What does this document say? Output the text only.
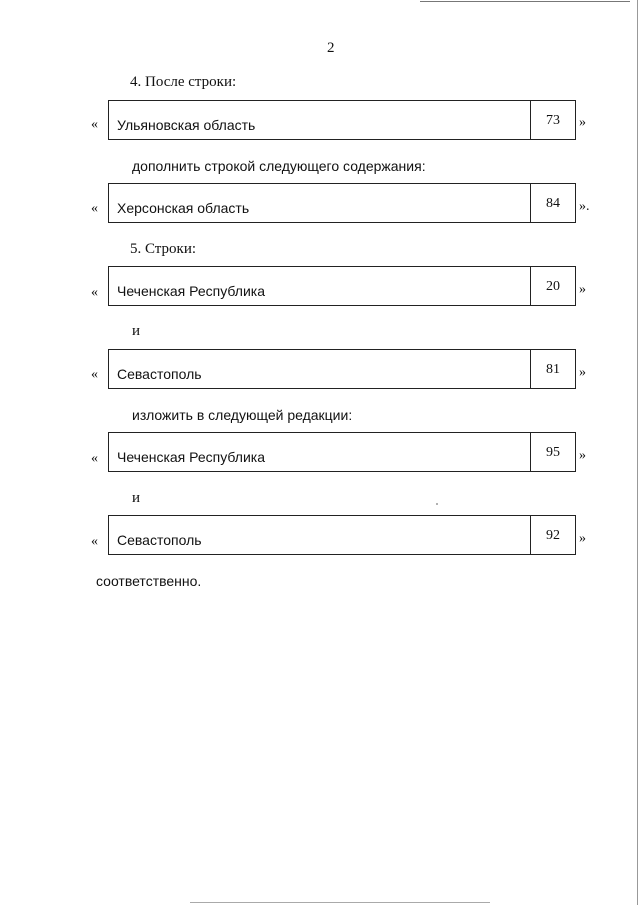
2
4. После строки:
«	Ульяновская область	73	»
дополнить строкой следующего содержания:
«	Херсонская область	84	».
5. Строки:
«	Чеченская Республика	20	»
и
«	Севастополь	81	»
изложить в следующей редакции:
«	Чеченская Республика	95	»
и
«	Севастополь	92	»
соответственно.
